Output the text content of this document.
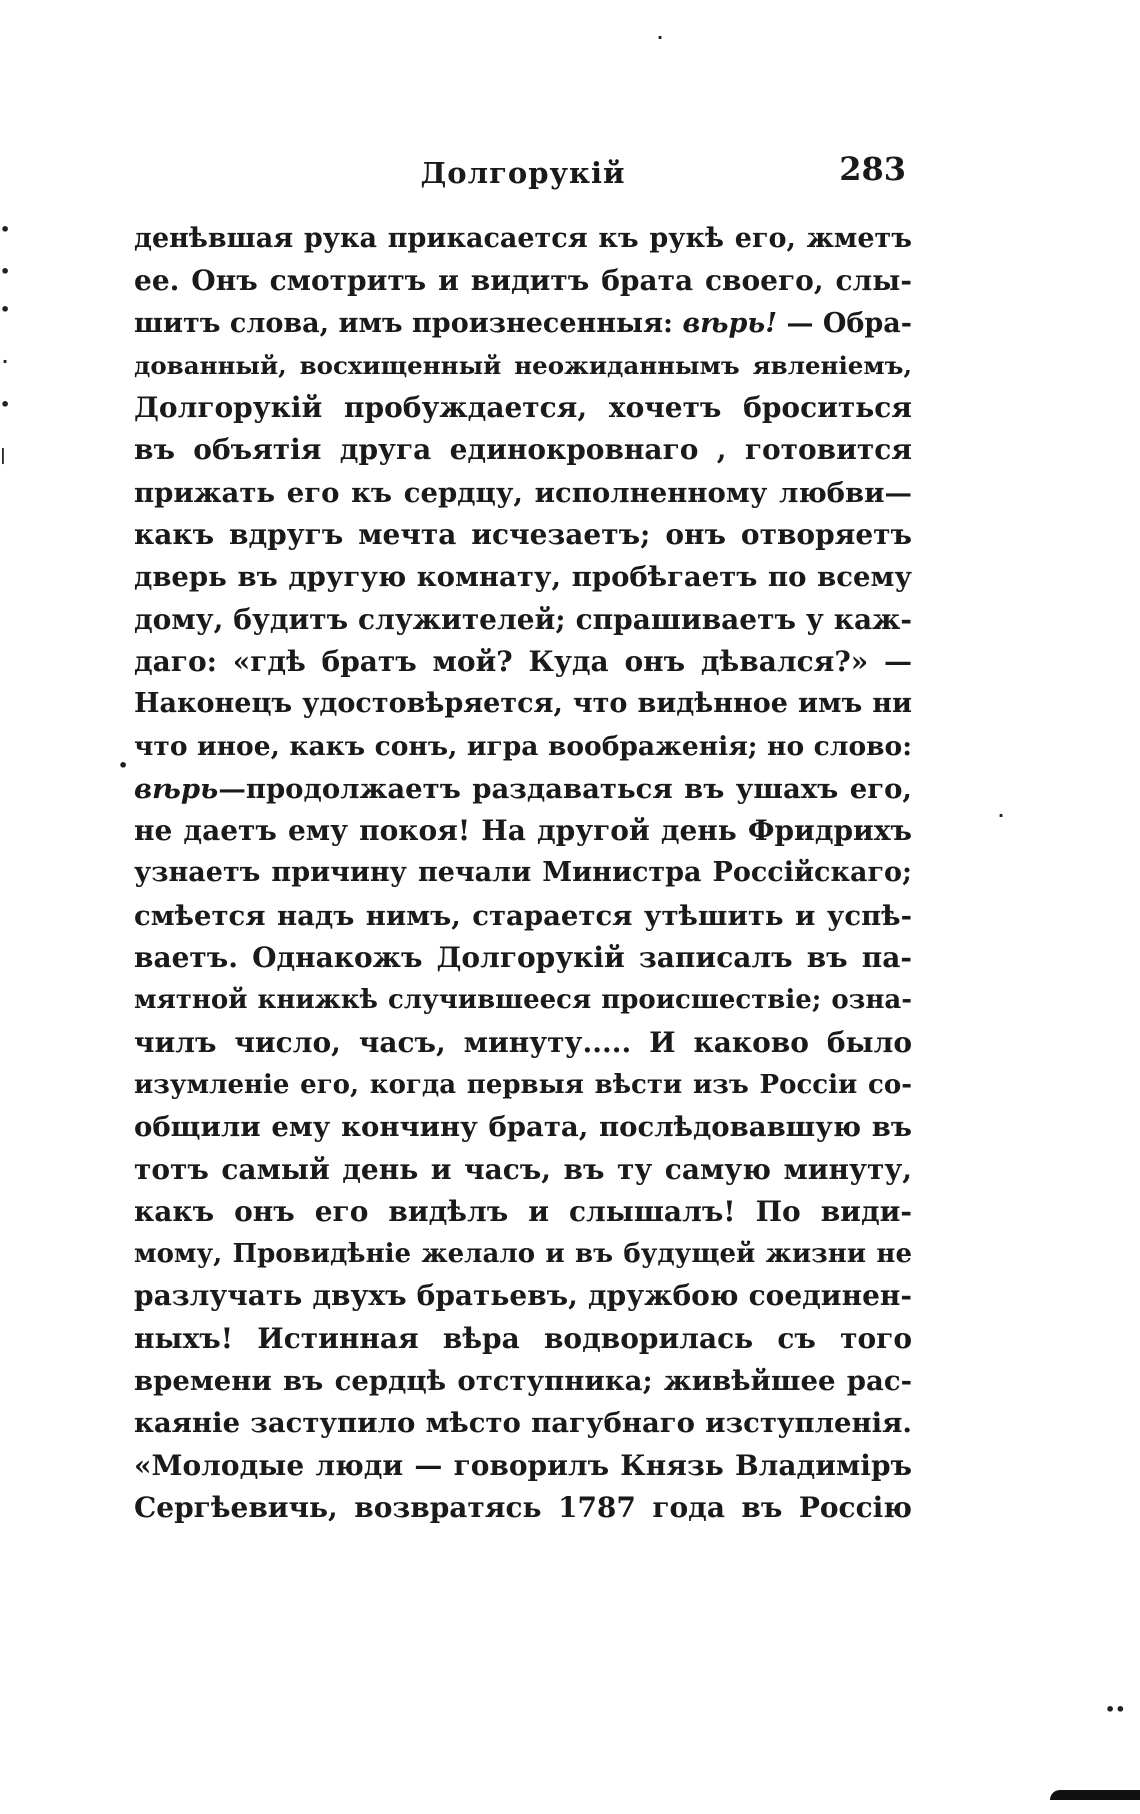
Долгорукій	283
денѣвшая рука прикасается къ рукѣ его, жметъ
ее. Онъ смотритъ и видитъ брата своего, слы-
шитъ слова, имъ произнесенныя: вѣрь! — Обра-
дованный, восхищенный неожиданнымъ явленіемъ,
Долгорукій пробуждается, хочетъ броситься
въ объятія друга единокровнаго , готовится
прижать его къ сердцу, исполненному любви—
какъ вдругъ мечта исчезаетъ; онъ отворяетъ
дверь въ другую комнату, пробѣгаетъ по всему
дому, будитъ служителей; спрашиваетъ у каж-
даго: «гдѣ братъ мой? Куда онъ дѣвался?» —
Наконецъ удостовѣряется, что видѣнное имъ ни
что иное, какъ сонъ, игра воображенія; но слово:
вѣрь—продолжаетъ раздаваться въ ушахъ его,
не даетъ ему покоя! На другой день Фридрихъ
узнаетъ причину печали Министра Россійскаго;
смѣется надъ нимъ, старается утѣшить и успѣ-
ваетъ. Однакожъ Долгорукій записалъ въ па-
мятной книжкѣ случившееся происшествіе; озна-
чилъ число, часъ, минуту..... И каково было
изумленіе его, когда первыя вѣсти изъ Россіи со-
общили ему кончину брата, послѣдовавшую въ
тотъ самый день и часъ, въ ту самую минуту,
какъ онъ его видѣлъ и слышалъ! По види-
мому, Провидѣніе желало и въ будущей жизни не
разлучать двухъ братьевъ, дружбою соединен-
ныхъ! Истинная вѣра водворилась съ того
времени въ сердцѣ отступника; живѣйшее рас-
каяніе заступило мѣсто пагубнаго изступленія.
«Молодые люди — говорилъ Князь Владиміръ
Сергѣевичь, возвратясь 1787 года въ Россію
•
•
•
·
•
|
•
·
·
••
